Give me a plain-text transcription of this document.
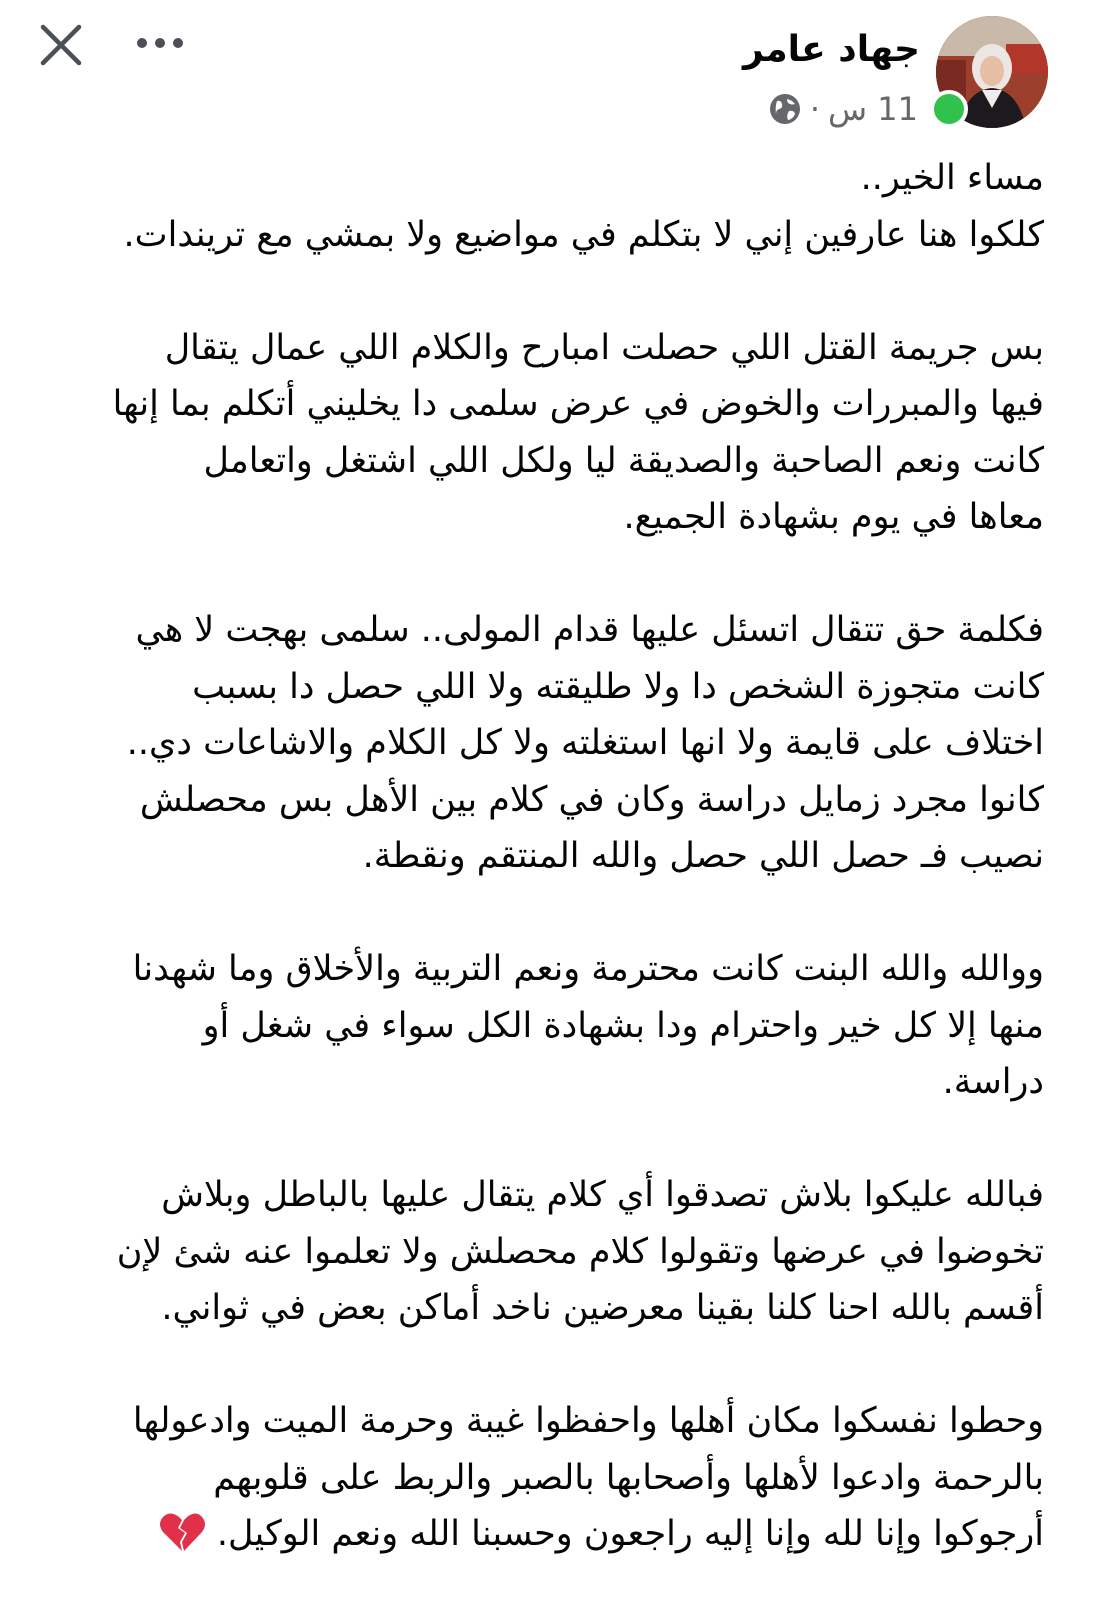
جهاد عامر
11 س
·

مساء الخير..
كلكوا هنا عارفين إني لا بتكلم في مواضيع ولا بمشي مع تريندات.

بس جريمة القتل اللي حصلت امبارح والكلام اللي عمال يتقال
فيها والمبررات والخوض في عرض سلمى دا يخليني أتكلم بما إنها
كانت ونعم الصاحبة والصديقة ليا ولكل اللي اشتغل واتعامل
معاها في يوم بشهادة الجميع.

فكلمة حق تتقال اتسئل عليها قدام المولى.. سلمى بهجت لا هي
كانت متجوزة الشخص دا ولا طليقته ولا اللي حصل دا بسبب
اختلاف على قايمة ولا انها استغلته ولا كل الكلام والاشاعات دي..
كانوا مجرد زمايل دراسة وكان في كلام بين الأهل بس محصلش
نصيب فـ حصل اللي حصل والله المنتقم ونقطة.

ووالله والله البنت كانت محترمة ونعم التربية والأخلاق وما شهدنا
منها إلا كل خير واحترام ودا بشهادة الكل سواء في شغل أو
دراسة.

فبالله عليكوا بلاش تصدقوا أي كلام يتقال عليها بالباطل وبلاش
تخوضوا في عرضها وتقولوا كلام محصلش ولا تعلموا عنه شئ لإن
أقسم بالله احنا كلنا بقينا معرضين ناخد أماكن بعض في ثواني.

وحطوا نفسكوا مكان أهلها واحفظوا غيبة وحرمة الميت وادعولها
بالرحمة وادعوا لأهلها وأصحابها بالصبر والربط على قلوبهم
أرجوكوا وإنا لله وإنا إليه راجعون وحسبنا الله ونعم الوكيل.
